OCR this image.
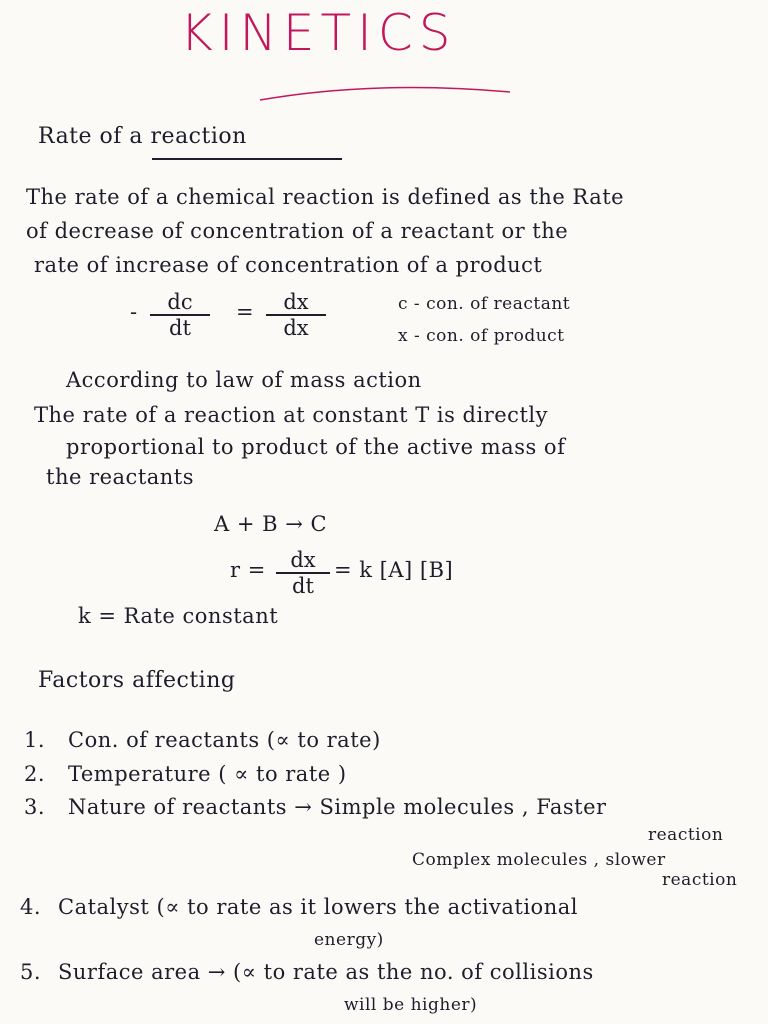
KINETICS
Rate of a reaction
The rate of a chemical reaction is defined as the Rate
of decrease of concentration of a reactant or the
rate of increase of concentration of a product
- $\frac{dc}{dt} = \frac{dx}{dx}$	c - con. of reactant
x - con. of product
According to law of mass action
The rate of a reaction at constant T is directly
proportional to product of the active mass of
the reactants
A + B → C
$r = \frac{dx}{dt} = k$ [A] [B]
k = Rate constant
Factors affecting
1. Con. of reactants (∝ to rate)
2. Temperature ( ∝ to rate )
3. Nature of reactants → Simple molecules , Faster
reaction
Complex molecules , slower
reaction
4. Catalyst (∝ to rate as it lowers the activational
energy)
5. Surface area → (∝ to rate as the no. of collisions
will be higher)
